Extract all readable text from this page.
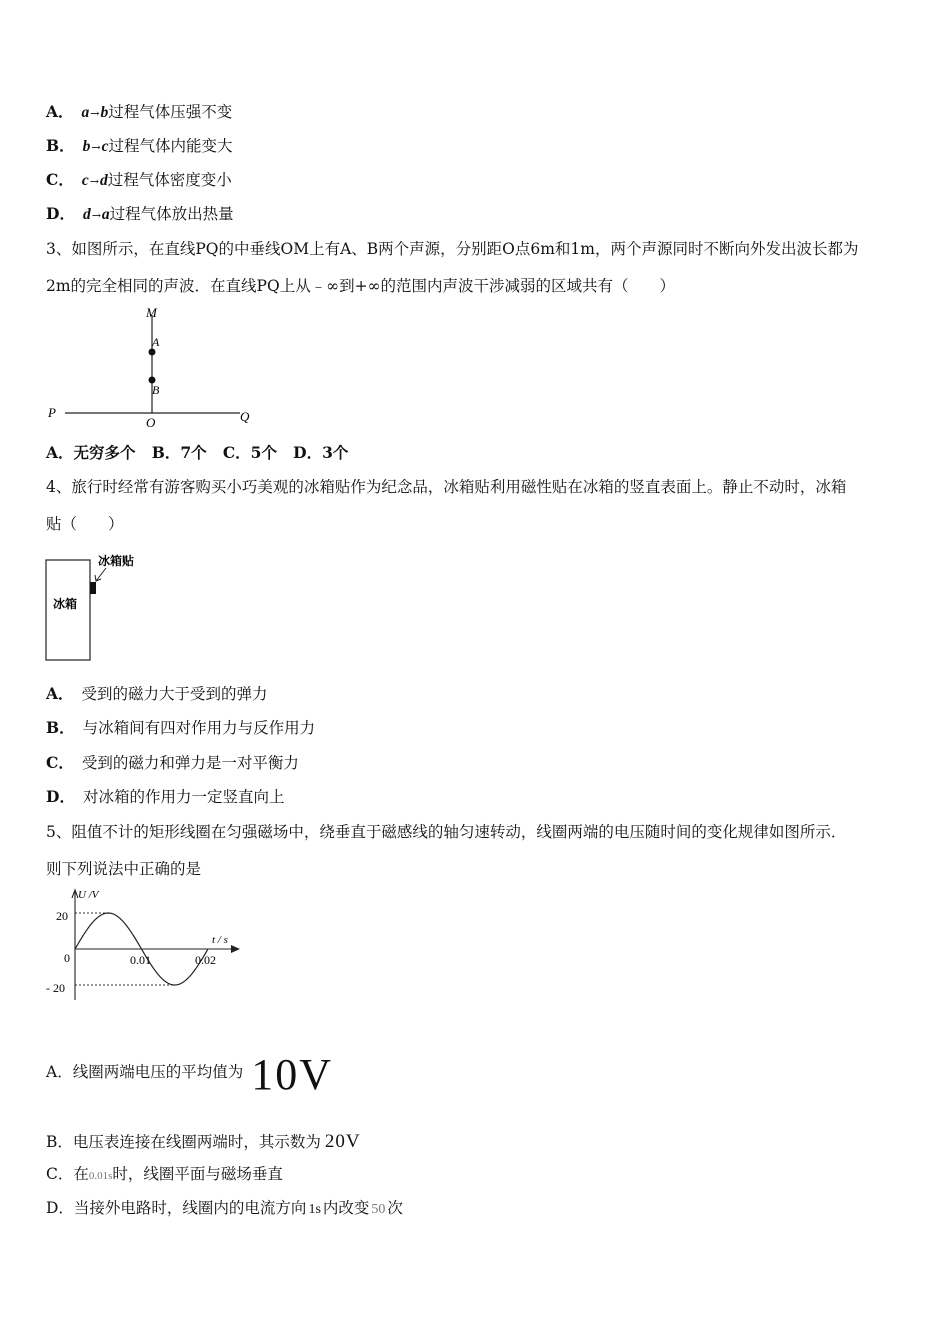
A． a→b过程气体压强不变
B． b→c过程气体内能变大
C． c→d过程气体密度变小
D． d→a过程气体放出热量
3、如图所示，在直线PQ的中垂线OM上有A、B两个声源，分别距O点6m和1m，两个声源同时不断向外发出波长都为
2m的完全相同的声波．在直线PQ上从﹣∞到+∞的范围内声波干涉减弱的区域共有（　　）
M
A
B
P
O	Q
A．无穷多个 B．7个 C．5个 D．3个
4、旅行时经常有游客购买小巧美观的冰箱贴作为纪念品，冰箱贴利用磁性贴在冰箱的竖直表面上。静止不动时，冰箱
贴（　　）
冰箱
冰箱贴
A． 受到的磁力大于受到的弹力
B． 与冰箱间有四对作用力与反作用力
C． 受到的磁力和弹力是一对平衡力
D． 对冰箱的作用力一定竖直向上
5、阻值不计的矩形线圈在匀强磁场中，绕垂直于磁感线的轴匀速转动，线圈两端的电压随时间的变化规律如图所示．
则下列说法中正确的是
U /V
t / s
20
0
- 20
0.01	0.02
A．线圈两端电压的平均值为 10V
B．电压表连接在线圈两端时，其示数为 20V
C．在0.01s时，线圈平面与磁场垂直
D．当接外电路时，线圈内的电流方向 1s 内改变 50 次
